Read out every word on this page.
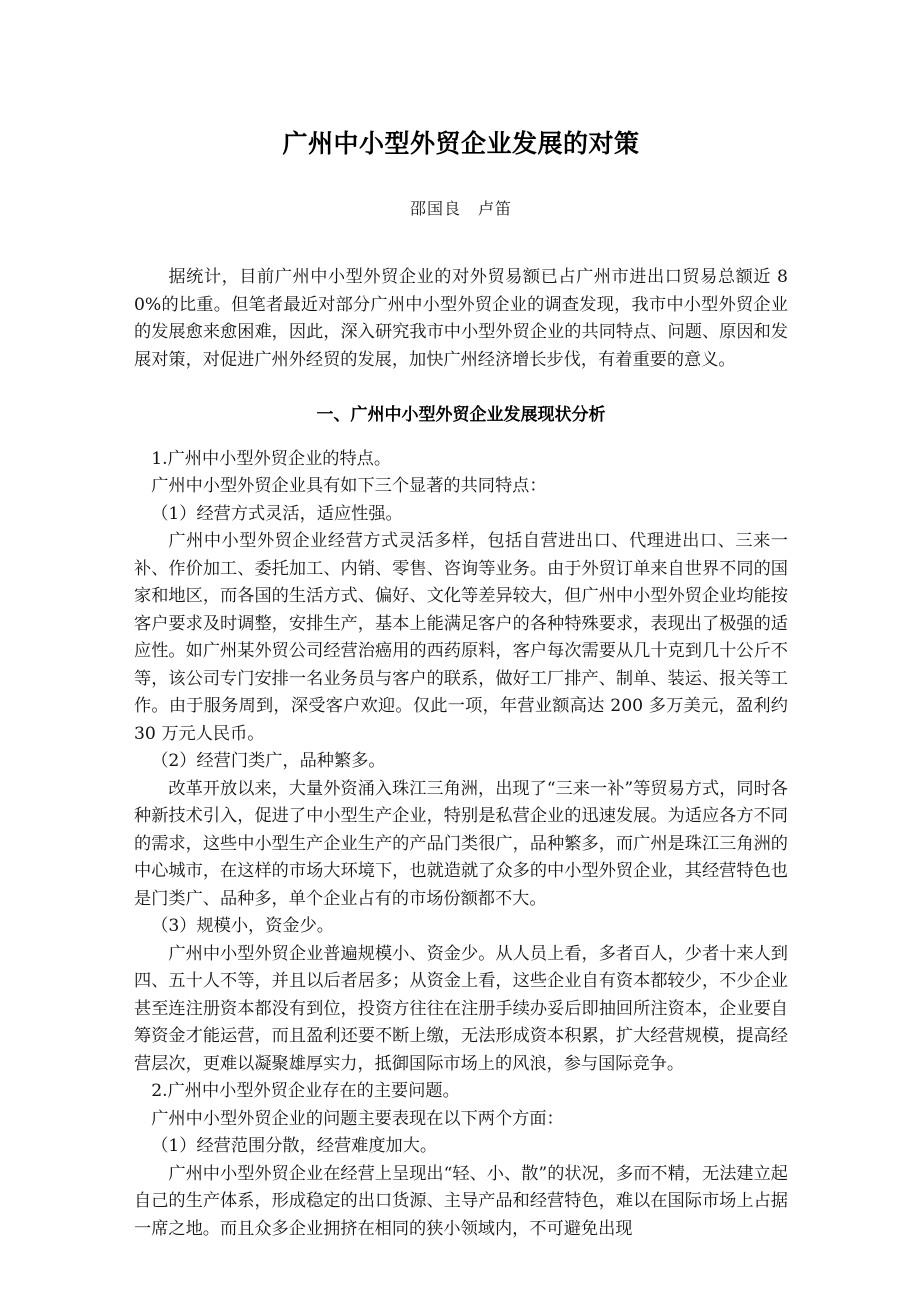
广州中小型外贸企业发展的对策
邵国良　卢笛

据统计，目前广州中小型外贸企业的对外贸易额已占广州市进出口贸易总额近 80%的比重。但笔者最近对部分广州中小型外贸企业的调查发现，我市中小型外贸企业的发展愈来愈困难，因此，深入研究我市中小型外贸企业的共同特点、问题、原因和发展对策，对促进广州外经贸的发展，加快广州经济增长步伐，有着重要的意义。

一、广州中小型外贸企业发展现状分析

1.广州中小型外贸企业的特点。

广州中小型外贸企业具有如下三个显著的共同特点：

（1）经营方式灵活，适应性强。

广州中小型外贸企业经营方式灵活多样，包括自营进出口、代理进出口、三来一补、作价加工、委托加工、内销、零售、咨询等业务。由于外贸订单来自世界不同的国家和地区，而各国的生活方式、偏好、文化等差异较大，但广州中小型外贸企业均能按客户要求及时调整，安排生产，基本上能满足客户的各种特殊要求，表现出了极强的适应性。如广州某外贸公司经营治癌用的西药原料，客户每次需要从几十克到几十公斤不等，该公司专门安排一名业务员与客户的联系，做好工厂排产、制单、装运、报关等工作。由于服务周到，深受客户欢迎。仅此一项，年营业额高达 200 多万美元，盈利约 30 万元人民币。

（2）经营门类广，品种繁多。

改革开放以来，大量外资涌入珠江三角洲，出现了“三来一补”等贸易方式，同时各种新技术引入，促进了中小型生产企业，特别是私营企业的迅速发展。为适应各方不同的需求，这些中小型生产企业生产的产品门类很广，品种繁多，而广州是珠江三角洲的中心城市，在这样的市场大环境下，也就造就了众多的中小型外贸企业，其经营特色也是门类广、品种多，单个企业占有的市场份额都不大。

（3）规模小，资金少。

广州中小型外贸企业普遍规模小、资金少。从人员上看，多者百人，少者十来人到四、五十人不等，并且以后者居多；从资金上看，这些企业自有资本都较少，不少企业甚至连注册资本都没有到位，投资方往往在注册手续办妥后即抽回所注资本，企业要自筹资金才能运营，而且盈利还要不断上缴，无法形成资本积累，扩大经营规模，提高经营层次，更难以凝聚雄厚实力，抵御国际市场上的风浪，参与国际竞争。

2.广州中小型外贸企业存在的主要问题。

广州中小型外贸企业的问题主要表现在以下两个方面：

（1）经营范围分散，经营难度加大。

广州中小型外贸企业在经营上呈现出“轻、小、散”的状况，多而不精，无法建立起自己的生产体系，形成稳定的出口货源、主导产品和经营特色，难以在国际市场上占据一席之地。而且众多企业拥挤在相同的狭小领域内，不可避免出现
